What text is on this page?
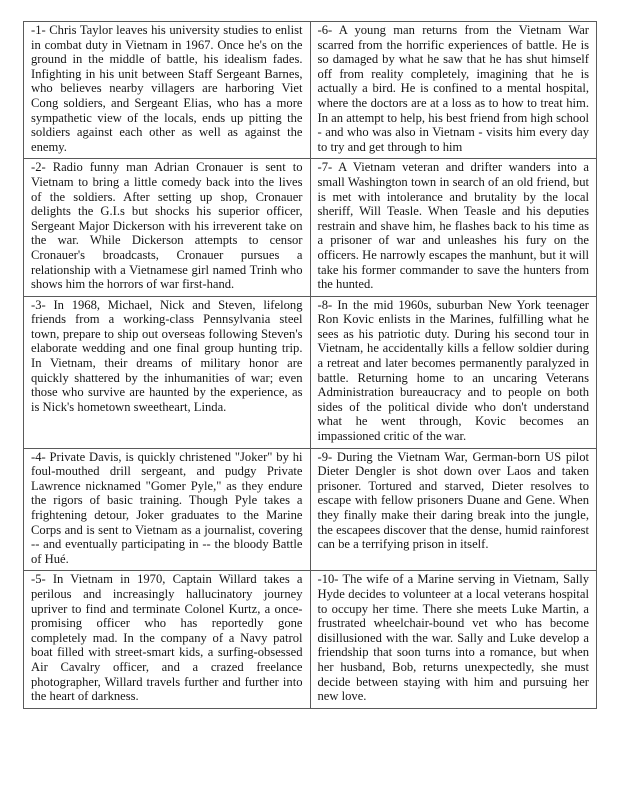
-1- Chris Taylor leaves his university studies to enlist in combat duty in Vietnam in 1967. Once he's on the ground in the middle of battle, his idealism fades. Infighting in his unit between Staff Sergeant Barnes, who believes nearby villagers are harboring Viet Cong soldiers, and Sergeant Elias, who has a more sympathetic view of the locals, ends up pitting the soldiers against each other as well as against the enemy.	-6- A young man returns from the Vietnam War scarred from the horrific experiences of battle. He is so damaged by what he saw that he has shut himself off from reality completely, imagining that he is actually a bird. He is confined to a mental hospital, where the doctors are at a loss as to how to treat him. In an attempt to help, his best friend from high school - and who was also in Vietnam - visits him every day to try and get through to him
-2- Radio funny man Adrian Cronauer is sent to Vietnam to bring a little comedy back into the lives of the soldiers. After setting up shop, Cronauer delights the G.I.s but shocks his superior officer, Sergeant Major Dickerson with his irreverent take on the war. While Dickerson attempts to censor Cronauer's broadcasts, Cronauer pursues a relationship with a Vietnamese girl named Trinh who shows him the horrors of war first-hand.	-7- A Vietnam veteran and drifter wanders into a small Washington town in search of an old friend, but is met with intolerance and brutality by the local sheriff, Will Teasle. When Teasle and his deputies restrain and shave him, he flashes back to his time as a prisoner of war and unleashes his fury on the officers. He narrowly escapes the manhunt, but it will take his former commander to save the hunters from the hunted.
-3- In 1968, Michael, Nick and Steven, lifelong friends from a working-class Pennsylvania steel town, prepare to ship out overseas following Steven's elaborate wedding and one final group hunting trip. In Vietnam, their dreams of military honor are quickly shattered by the inhumanities of war; even those who survive are haunted by the experience, as is Nick's hometown sweetheart, Linda.	-8- In the mid 1960s, suburban New York teenager Ron Kovic enlists in the Marines, fulfilling what he sees as his patriotic duty. During his second tour in Vietnam, he accidentally kills a fellow soldier during a retreat and later becomes permanently paralyzed in battle. Returning home to an uncaring Veterans Administration bureaucracy and to people on both sides of the political divide who don't understand what he went through, Kovic becomes an impassioned critic of the war.
-4- Private Davis, is quickly christened "Joker" by hi foul-mouthed drill sergeant, and pudgy Private Lawrence nicknamed "Gomer Pyle," as they endure the rigors of basic training. Though Pyle takes a frightening detour, Joker graduates to the Marine Corps and is sent to Vietnam as a journalist, covering -- and eventually participating in -- the bloody Battle of Hué.	-9- During the Vietnam War, German-born US pilot Dieter Dengler is shot down over Laos and taken prisoner. Tortured and starved, Dieter resolves to escape with fellow prisoners Duane and Gene. When they finally make their daring break into the jungle, the escapees discover that the dense, humid rainforest can be a terrifying prison in itself.
-5- In Vietnam in 1970, Captain Willard takes a perilous and increasingly hallucinatory journey upriver to find and terminate Colonel Kurtz, a once-promising officer who has reportedly gone completely mad. In the company of a Navy patrol boat filled with street-smart kids, a surfing-obsessed Air Cavalry officer, and a crazed freelance photographer, Willard travels further and further into the heart of darkness.	-10- The wife of a Marine serving in Vietnam, Sally Hyde decides to volunteer at a local veterans hospital to occupy her time. There she meets Luke Martin, a frustrated wheelchair-bound vet who has become disillusioned with the war. Sally and Luke develop a friendship that soon turns into a romance, but when her husband, Bob, returns unexpectedly, she must decide between staying with him and pursuing her new love.
